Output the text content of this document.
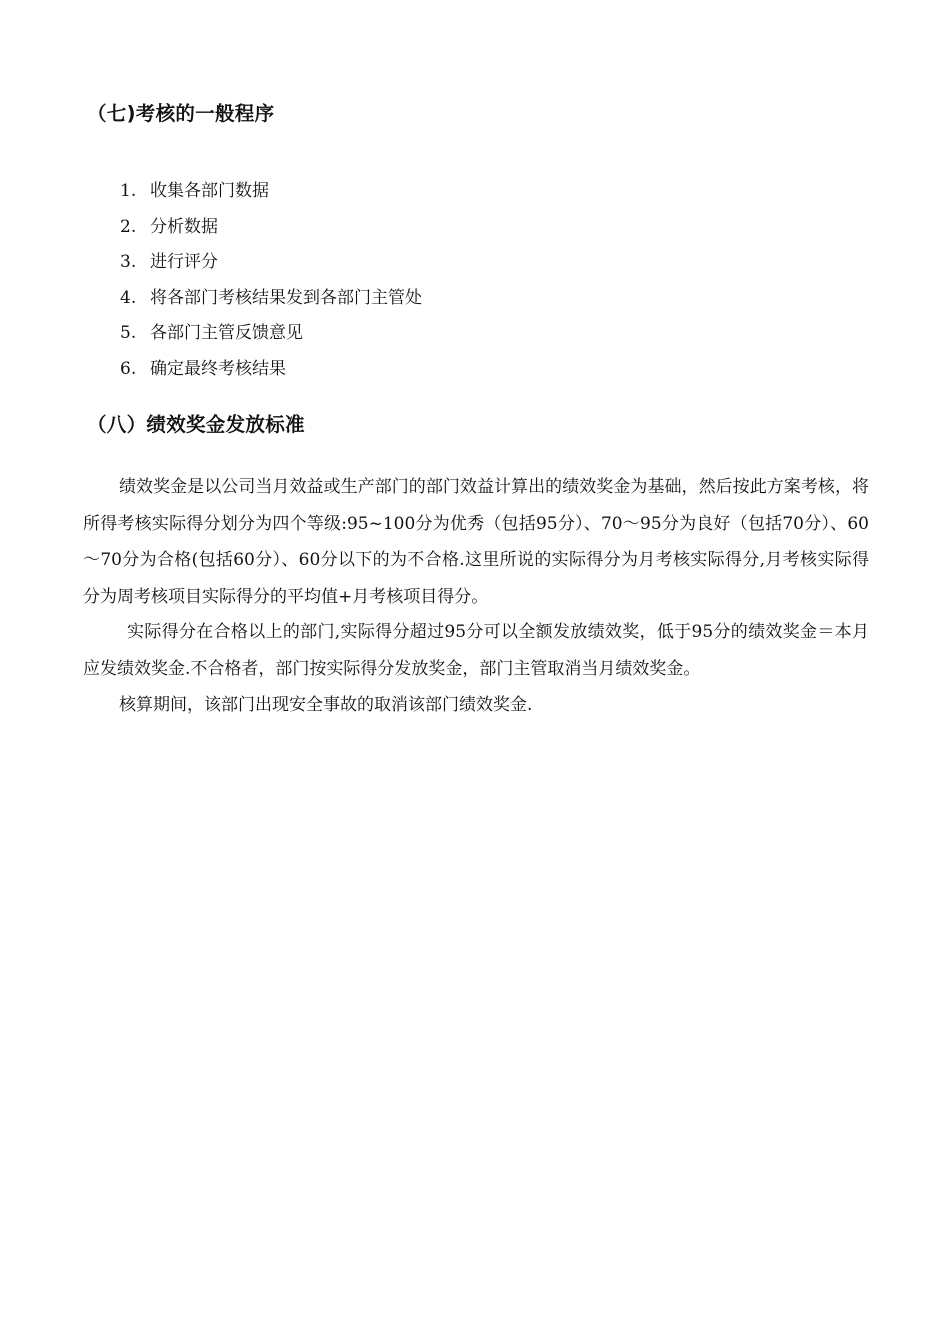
（七)考核的一般程序
1. 收集各部门数据
2. 分析数据
3. 进行评分
4. 将各部门考核结果发到各部门主管处
5. 各部门主管反馈意见
6. 确定最终考核结果
（八）绩效奖金发放标准

绩效奖金是以公司当月效益或生产部门的部门效益计算出的绩效奖金为基础，然后按此方案考核，将所得考核实际得分划分为四个等级:95~100分为优秀（包括95分）、70～95分为良好（包括70分）、60～70分为合格(包括60分）、60分以下的为不合格.这里所说的实际得分为月考核实际得分,月考核实际得分为周考核项目实际得分的平均值+月考核项目得分。

实际得分在合格以上的部门,实际得分超过95分可以全额发放绩效奖，低于95分的绩效奖金＝本月应发绩效奖金.不合格者，部门按实际得分发放奖金，部门主管取消当月绩效奖金。

核算期间，该部门出现安全事故的取消该部门绩效奖金.
